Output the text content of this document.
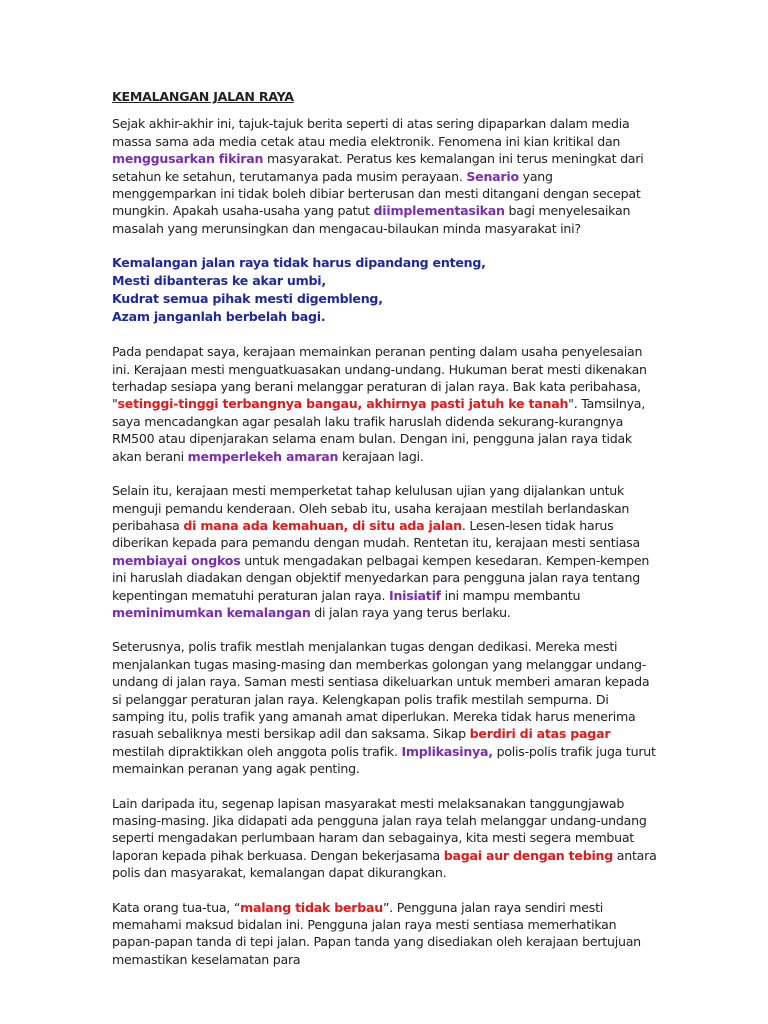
KEMALANGAN JALAN RAYA

Sejak akhir-akhir ini, tajuk-tajuk berita seperti di atas sering dipaparkan dalam media massa sama ada media cetak atau media elektronik. Fenomena ini kian kritikal dan menggusarkan fikiran masyarakat. Peratus kes kemalangan ini terus meningkat dari setahun ke setahun, terutamanya pada musim perayaan. Senario yang menggemparkan ini tidak boleh dibiar berterusan dan mesti ditangani dengan secepat mungkin. Apakah usaha-usaha yang patut diimplementasikan bagi menyelesaikan masalah yang merunsingkan dan mengacau-bilaukan minda masyarakat ini?

Kemalangan jalan raya tidak harus dipandang enteng,
Mesti dibanteras ke akar umbi,
Kudrat semua pihak mesti digembleng,
Azam janganlah berbelah bagi.

Pada pendapat saya, kerajaan memainkan peranan penting dalam usaha penyelesaian ini. Kerajaan mesti menguatkuasakan undang-undang. Hukuman berat mesti dikenakan terhadap sesiapa yang berani melanggar peraturan di jalan raya. Bak kata peribahasa, "setinggi-tinggi terbangnya bangau, akhirnya pasti jatuh ke tanah". Tamsilnya, saya mencadangkan agar pesalah laku trafik haruslah didenda sekurang-kurangnya RM500 atau dipenjarakan selama enam bulan. Dengan ini, pengguna jalan raya tidak akan berani memperlekeh amaran kerajaan lagi.

Selain itu, kerajaan mesti memperketat tahap kelulusan ujian yang dijalankan untuk menguji pemandu kenderaan. Oleh sebab itu, usaha kerajaan mestilah berlandaskan peribahasa di mana ada kemahuan, di situ ada jalan. Lesen-lesen tidak harus diberikan kepada para pemandu dengan mudah. Rentetan itu, kerajaan mesti sentiasa membiayai ongkos untuk mengadakan pelbagai kempen kesedaran. Kempen-kempen ini haruslah diadakan dengan objektif menyedarkan para pengguna jalan raya tentang kepentingan mematuhi peraturan jalan raya. Inisiatif ini mampu membantu meminimumkan kemalangan di jalan raya yang terus berlaku.

Seterusnya, polis trafik mestlah menjalankan tugas dengan dedikasi. Mereka mesti menjalankan tugas masing-masing dan memberkas golongan yang melanggar undang-undang di jalan raya. Saman mesti sentiasa dikeluarkan untuk memberi amaran kepada si pelanggar peraturan jalan raya. Kelengkapan polis trafik mestilah sempurna. Di samping itu, polis trafik yang amanah amat diperlukan. Mereka tidak harus menerima rasuah sebaliknya mesti bersikap adil dan saksama. Sikap berdiri di atas pagar mestilah dipraktikkan oleh anggota polis trafik. Implikasinya, polis-polis trafik juga turut memainkan peranan yang agak penting.

Lain daripada itu, segenap lapisan masyarakat mesti melaksanakan tanggungjawab masing-masing. Jika didapati ada pengguna jalan raya telah melanggar undang-undang seperti mengadakan perlumbaan haram dan sebagainya, kita mesti segera membuat laporan kepada pihak berkuasa. Dengan bekerjasama bagai aur dengan tebing antara polis dan masyarakat, kemalangan dapat dikurangkan.

Kata orang tua-tua, “malang tidak berbau”. Pengguna jalan raya sendiri mesti memahami maksud bidalan ini. Pengguna jalan raya mesti sentiasa memerhatikan papan-papan tanda di tepi jalan. Papan tanda yang disediakan oleh kerajaan bertujuan memastikan keselamatan para
